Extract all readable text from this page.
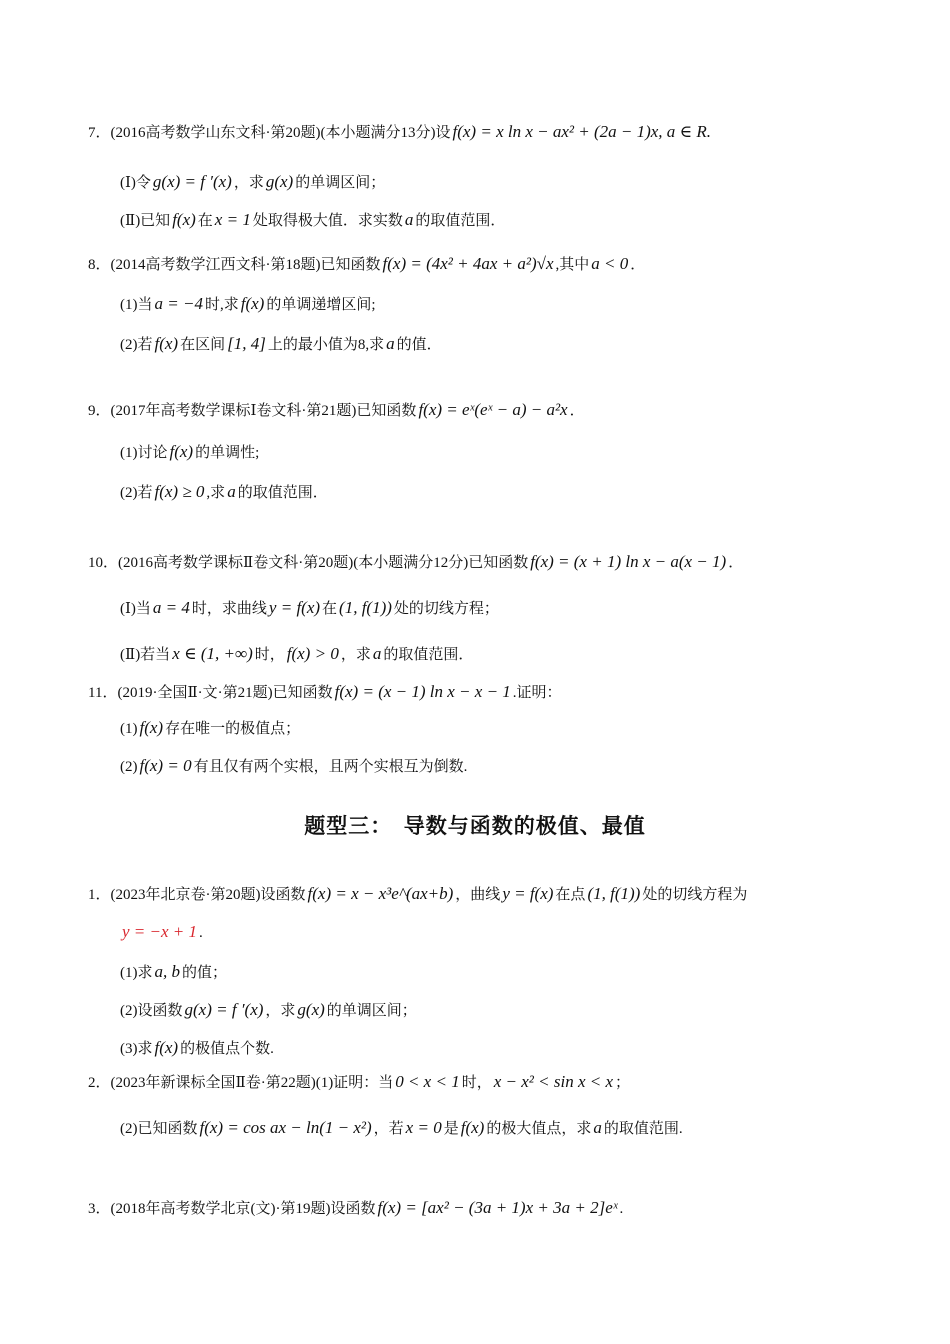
7．(2016高考数学山东文科·第20题)(本小题满分13分)设 f(x) = x ln x − ax² + (2a − 1)x, a ∈ R.
(Ⅰ)令 g(x) = f ′(x) ，求 g(x) 的单调区间；
(Ⅱ)已知 f(x) 在 x = 1 处取得极大值．求实数 a 的取值范围．
8．(2014高考数学江西文科·第18题)已知函数 f(x) = (4x² + 4ax + a²)√x ,其中 a < 0 ．
(1)当 a = −4 时,求 f(x) 的单调递增区间;
(2)若 f(x) 在区间 [1, 4] 上的最小值为8,求 a 的值．
9．(2017年高考数学课标Ⅰ卷文科·第21题)已知函数 f(x) = eˣ(eˣ − a) − a²x ．
(1)讨论 f(x) 的单调性;
(2)若 f(x) ≥ 0 ,求 a 的取值范围．
10．(2016高考数学课标Ⅱ卷文科·第20题)(本小题满分12分)已知函数 f(x) = (x + 1) ln x − a(x − 1) ．
(Ⅰ)当 a = 4 时，求曲线 y = f(x) 在 (1, f(1)) 处的切线方程；
(Ⅱ)若当 x ∈ (1, +∞) 时， f(x) > 0 ，求 a 的取值范围．
11．(2019·全国Ⅱ·文·第21题)已知函数 f(x) = (x − 1) ln x − x − 1 .证明：
(1) f(x) 存在唯一的极值点；
(2) f(x) = 0 有且仅有两个实根，且两个实根互为倒数.
题型三：　导数与函数的极值、最值
1．(2023年北京卷·第20题)设函数 f(x) = x − x³e^(ax+b) ，曲线 y = f(x) 在点 (1, f(1)) 处的切线方程为
y = −x + 1 .
(1)求 a, b 的值；
(2)设函数 g(x) = f ′(x) ，求 g(x) 的单调区间；
(3)求 f(x) 的极值点个数.
2．(2023年新课标全国Ⅱ卷·第22题)(1)证明：当 0 < x < 1 时， x − x² < sin x < x ；
(2)已知函数 f(x) = cos ax − ln(1 − x²) ，若 x = 0 是 f(x) 的极大值点，求 a 的取值范围.
3．(2018年高考数学北京(文)·第19题)设函数 f(x) = [ax² − (3a + 1)x + 3a + 2]eˣ .
